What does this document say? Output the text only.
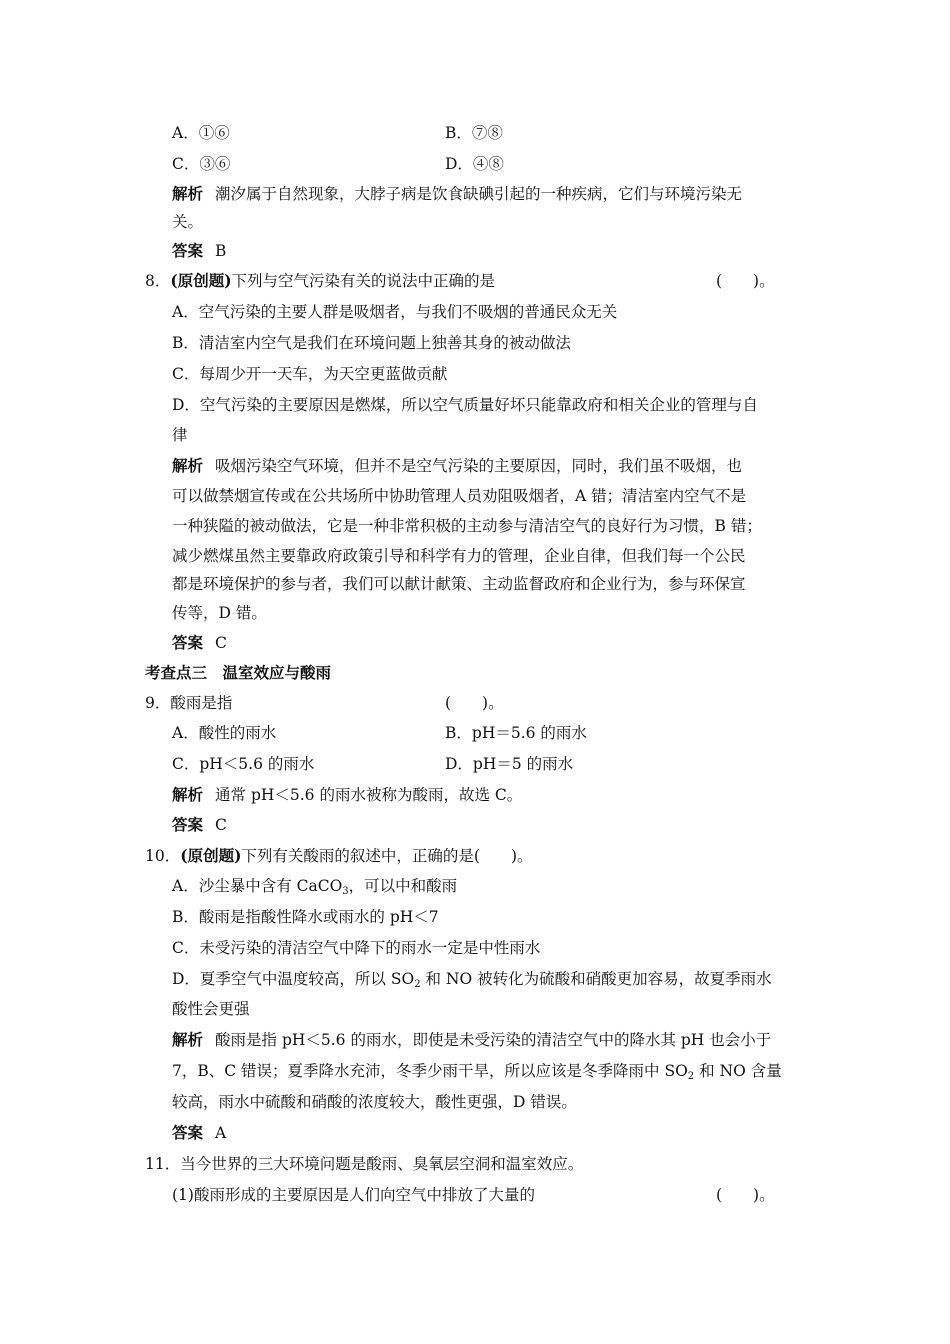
A．①⑥	B．⑦⑧
C．③⑥	D．④⑧
解析 潮汐属于自然现象，大脖子病是饮食缺碘引起的一种疾病，它们与环境污染无
关。
答案 B
8．(原创题)下列与空气污染有关的说法中正确的是	(　　)。
A．空气污染的主要人群是吸烟者，与我们不吸烟的普通民众无关
B．清洁室内空气是我们在环境问题上独善其身的被动做法
C．每周少开一天车，为天空更蓝做贡献
D．空气污染的主要原因是燃煤，所以空气质量好坏只能靠政府和相关企业的管理与自
律
解析 吸烟污染空气环境，但并不是空气污染的主要原因，同时，我们虽不吸烟，也
可以做禁烟宣传或在公共场所中协助管理人员劝阻吸烟者，A 错；清洁室内空气不是
一种狭隘的被动做法，它是一种非常积极的主动参与清洁空气的良好行为习惯，B 错；
减少燃煤虽然主要靠政府政策引导和科学有力的管理，企业自律，但我们每一个公民
都是环境保护的参与者，我们可以献计献策、主动监督政府和企业行为，参与环保宣
传等，D 错。
答案 C
考查点三　温室效应与酸雨
9．酸雨是指	(　　)。
A．酸性的雨水	B．pH＝5.6 的雨水
C．pH＜5.6 的雨水	D．pH＝5 的雨水
解析 通常 pH＜5.6 的雨水被称为酸雨，故选 C。
答案 C
10．(原创题)下列有关酸雨的叙述中，正确的是(　　)。
A．沙尘暴中含有 CaCO$_3$，可以中和酸雨
B．酸雨是指酸性降水或雨水的 pH＜7
C．未受污染的清洁空气中降下的雨水一定是中性雨水
D．夏季空气中温度较高，所以 $SO_2$ 和 NO 被转化为硫酸和硝酸更加容易，故夏季雨水
酸性会更强
解析 酸雨是指 pH＜5.6 的雨水，即使是未受污染的清洁空气中的降水其 pH 也会小于
7，B、C 错误；夏季降水充沛，冬季少雨干旱，所以应该是冬季降雨中 $SO_2$ 和 NO 含量
较高，雨水中硫酸和硝酸的浓度较大，酸性更强，D 错误。
答案 A
11．当今世界的三大环境问题是酸雨、臭氧层空洞和温室效应。
(1)酸雨形成的主要原因是人们向空气中排放了大量的	(　　)。
